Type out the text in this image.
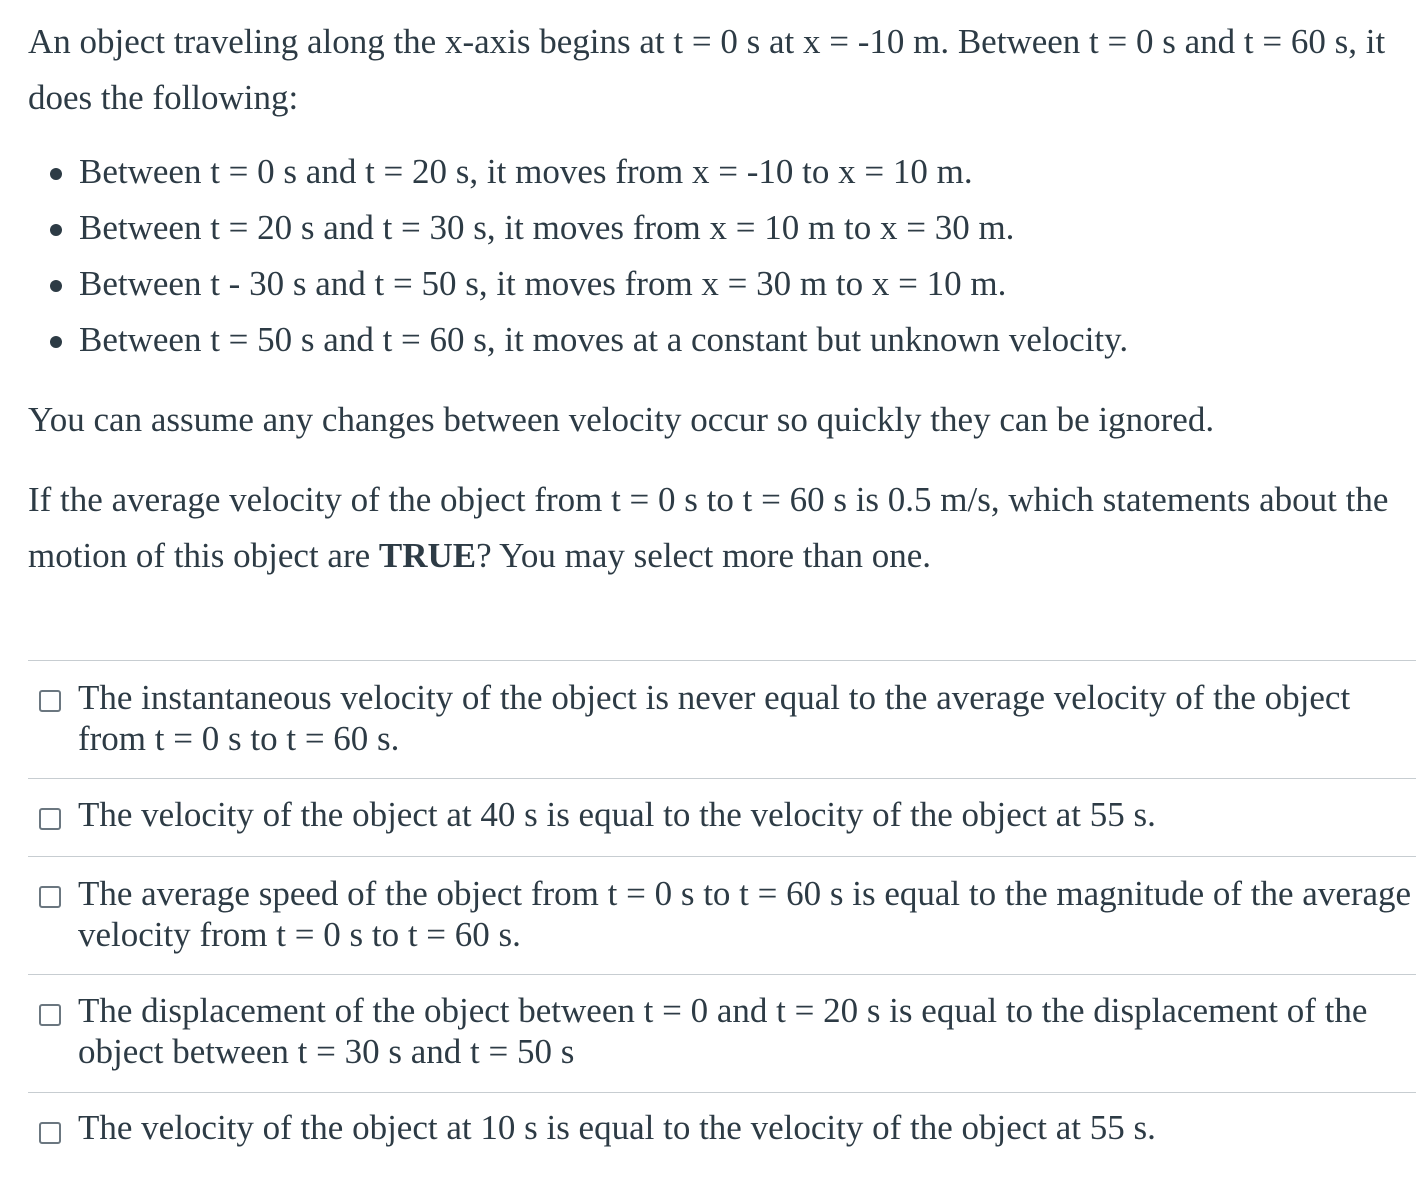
An object traveling along the x-axis begins at t = 0 s at x = -10 m. Between t = 0 s and t = 60 s, it does the following:

Between t = 0 s and t = 20 s, it moves from x = -10 to x = 10 m.
Between t = 20 s and t = 30 s, it moves from x = 10 m to x = 30 m.
Between t - 30 s and t = 50 s, it moves from x = 30 m to x = 10 m.
Between t = 50 s and t = 60 s, it moves at a constant but unknown velocity.

You can assume any changes between velocity occur so quickly they can be ignored.

If the average velocity of the object from t = 0 s to t = 60 s is 0.5 m/s, which statements about the motion of this object are TRUE? You may select more than one.

The instantaneous velocity of the object is never equal to the average velocity of the object from t = 0 s to t = 60 s.
The velocity of the object at 40 s is equal to the velocity of the object at 55 s.
The average speed of the object from t = 0 s to t = 60 s is equal to the magnitude of the average velocity from t = 0 s to t = 60 s.
The displacement of the object between t = 0 and t = 20 s is equal to the displacement of the object between t = 30 s and t = 50 s
The velocity of the object at 10 s is equal to the velocity of the object at 55 s.
